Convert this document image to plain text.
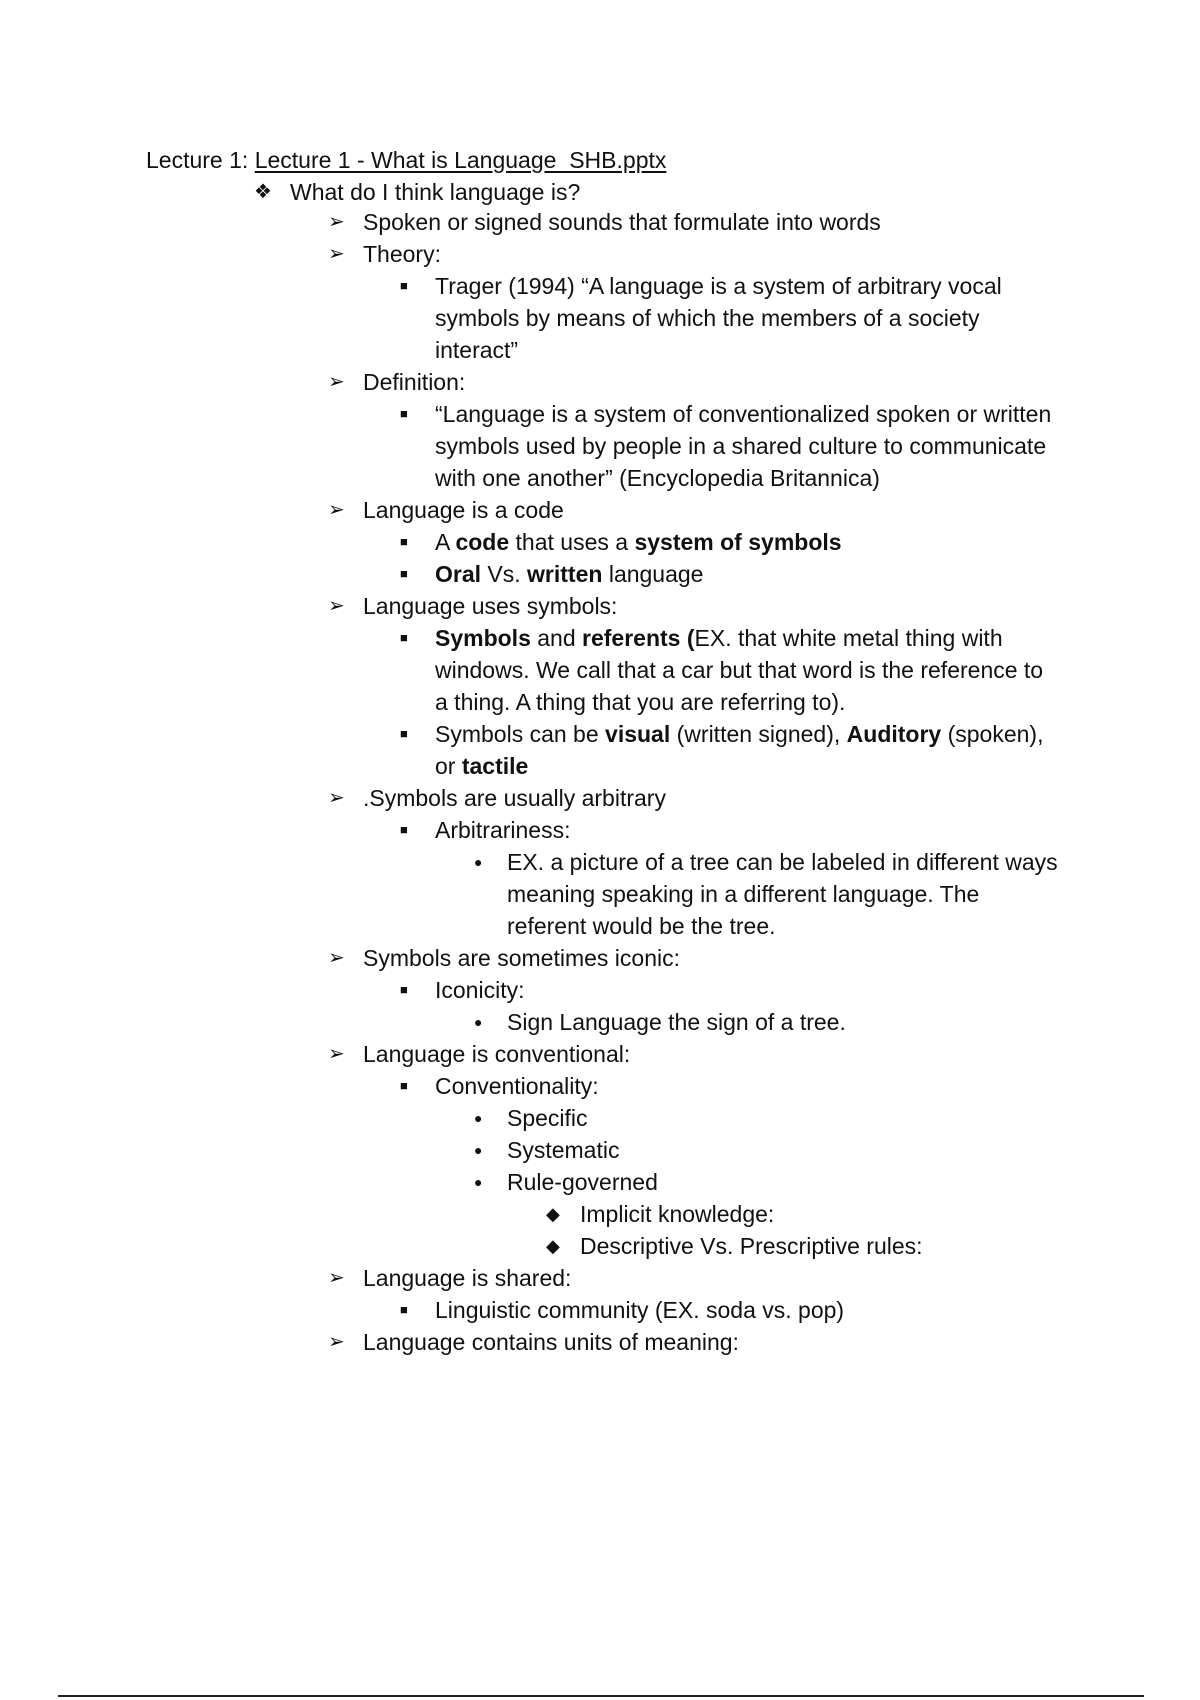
Lecture 1: Lecture 1 - What is Language_SHB.pptx
❖ What do I think language is?
➢ Spoken or signed sounds that formulate into words
➢ Theory:
■ Trager (1994) “A language is a system of arbitrary vocal
symbols by means of which the members of a society
interact”
➢ Definition:
■ “Language is a system of conventionalized spoken or written
symbols used by people in a shared culture to communicate
with one another” (Encyclopedia Britannica)
➢ Language is a code
■ A code that uses a system of symbols
■ Oral Vs. written language
➢ Language uses symbols:
■ Symbols and referents (EX. that white metal thing with
windows. We call that a car but that word is the reference to
a thing. A thing that you are referring to).
■ Symbols can be visual (written signed), Auditory (spoken),
or tactile
➢ .Symbols are usually arbitrary
■ Arbitrariness:
● EX. a picture of a tree can be labeled in different ways
meaning speaking in a different language. The
referent would be the tree.
➢ Symbols are sometimes iconic:
■ Iconicity:
● Sign Language the sign of a tree.
➢ Language is conventional:
■ Conventionality:
● Specific
● Systematic
● Rule-governed
◆ Implicit knowledge:
◆ Descriptive Vs. Prescriptive rules:
➢ Language is shared:
■ Linguistic community (EX. soda vs. pop)
➢ Language contains units of meaning:
